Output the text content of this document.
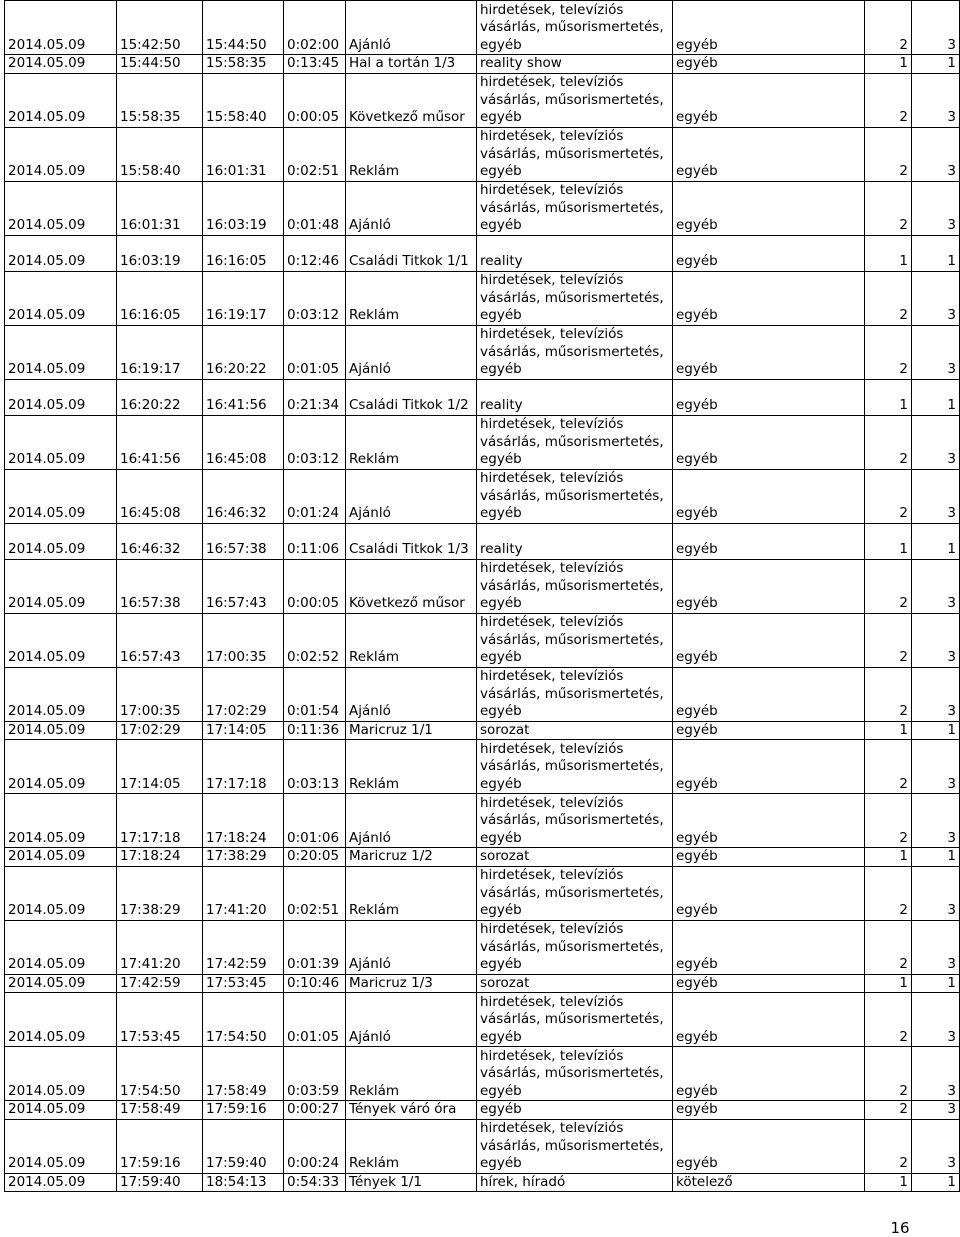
2014.05.09	15:42:50	15:44:50	0:02:00	Ajánló	hirdetések, televíziós vásárlás, műsorismertetés, egyéb	egyéb	2	3
2014.05.09	15:44:50	15:58:35	0:13:45	Hal a tortán 1/3	reality show	egyéb	1	1
2014.05.09	15:58:35	15:58:40	0:00:05	Következő műsor	hirdetések, televíziós vásárlás, műsorismertetés, egyéb	egyéb	2	3
2014.05.09	15:58:40	16:01:31	0:02:51	Reklám	hirdetések, televíziós vásárlás, műsorismertetés, egyéb	egyéb	2	3
2014.05.09	16:01:31	16:03:19	0:01:48	Ajánló	hirdetések, televíziós vásárlás, műsorismertetés, egyéb	egyéb	2	3
2014.05.09	16:03:19	16:16:05	0:12:46	Családi Titkok 1/1	reality	egyéb	1	1
2014.05.09	16:16:05	16:19:17	0:03:12	Reklám	hirdetések, televíziós vásárlás, műsorismertetés, egyéb	egyéb	2	3
2014.05.09	16:19:17	16:20:22	0:01:05	Ajánló	hirdetések, televíziós vásárlás, műsorismertetés, egyéb	egyéb	2	3
2014.05.09	16:20:22	16:41:56	0:21:34	Családi Titkok 1/2	reality	egyéb	1	1
2014.05.09	16:41:56	16:45:08	0:03:12	Reklám	hirdetések, televíziós vásárlás, műsorismertetés, egyéb	egyéb	2	3
2014.05.09	16:45:08	16:46:32	0:01:24	Ajánló	hirdetések, televíziós vásárlás, műsorismertetés, egyéb	egyéb	2	3
2014.05.09	16:46:32	16:57:38	0:11:06	Családi Titkok 1/3	reality	egyéb	1	1
2014.05.09	16:57:38	16:57:43	0:00:05	Következő műsor	hirdetések, televíziós vásárlás, műsorismertetés, egyéb	egyéb	2	3
2014.05.09	16:57:43	17:00:35	0:02:52	Reklám	hirdetések, televíziós vásárlás, műsorismertetés, egyéb	egyéb	2	3
2014.05.09	17:00:35	17:02:29	0:01:54	Ajánló	hirdetések, televíziós vásárlás, műsorismertetés, egyéb	egyéb	2	3
2014.05.09	17:02:29	17:14:05	0:11:36	Maricruz 1/1	sorozat	egyéb	1	1
2014.05.09	17:14:05	17:17:18	0:03:13	Reklám	hirdetések, televíziós vásárlás, műsorismertetés, egyéb	egyéb	2	3
2014.05.09	17:17:18	17:18:24	0:01:06	Ajánló	hirdetések, televíziós vásárlás, műsorismertetés, egyéb	egyéb	2	3
2014.05.09	17:18:24	17:38:29	0:20:05	Maricruz 1/2	sorozat	egyéb	1	1
2014.05.09	17:38:29	17:41:20	0:02:51	Reklám	hirdetések, televíziós vásárlás, műsorismertetés, egyéb	egyéb	2	3
2014.05.09	17:41:20	17:42:59	0:01:39	Ajánló	hirdetések, televíziós vásárlás, műsorismertetés, egyéb	egyéb	2	3
2014.05.09	17:42:59	17:53:45	0:10:46	Maricruz 1/3	sorozat	egyéb	1	1
2014.05.09	17:53:45	17:54:50	0:01:05	Ajánló	hirdetések, televíziós vásárlás, műsorismertetés, egyéb	egyéb	2	3
2014.05.09	17:54:50	17:58:49	0:03:59	Reklám	hirdetések, televíziós vásárlás, műsorismertetés, egyéb	egyéb	2	3
2014.05.09	17:58:49	17:59:16	0:00:27	Tények váró óra	egyéb	egyéb	2	3
2014.05.09	17:59:16	17:59:40	0:00:24	Reklám	hirdetések, televíziós vásárlás, műsorismertetés, egyéb	egyéb	2	3
2014.05.09	17:59:40	18:54:13	0:54:33	Tények 1/1	hírek, híradó	kötelező	1	1
16
